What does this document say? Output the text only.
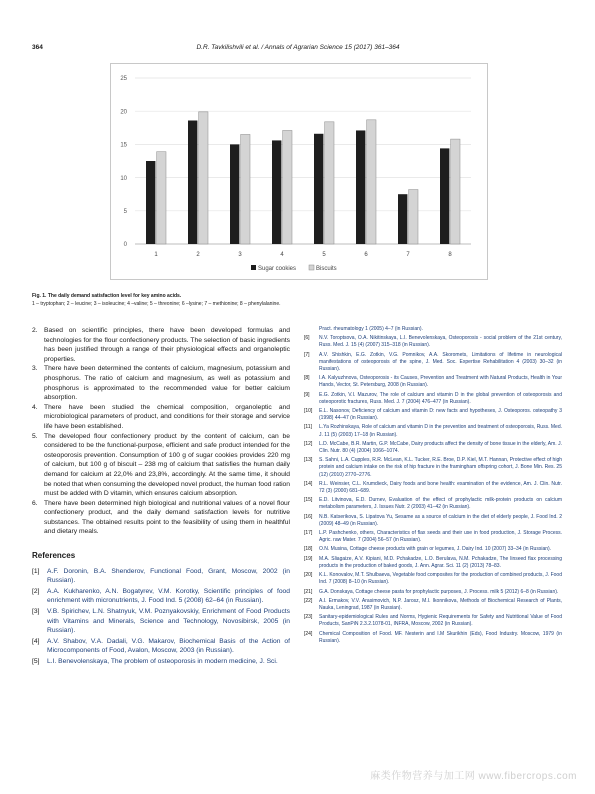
364	D.R. Tavkilishvili et al. / Annals of Agrarian Science 15 (2017) 361–364
0
5
10
15
20
25
1	2	3	4	5	6	7	8
Sugar cookies	Biscuits
Fig. 1. The daily demand satisfaction level for key amino acids.
1 – tryptophan; 2 – leucine; 3 – isoleucine; 4 –valine; 5 – threonine; 6 –lysine; 7 – methionine; 8 – phenylalanine.
2. Based on scientific principles, there have been developed formulas and technologies for the flour confectionery products. The selection of basic ingredients has been justified through a range of their physiological effects and organoleptic properties.
3. There have been determined the contents of calcium, magnesium, potassium and phosphorus. The ratio of calcium and magnesium, as well as potassium and phosphorus is approximated to the recommended value for better calcium absorption.
4. There have been studied the chemical composition, organoleptic and microbiological parameters of product, and conditions for their storage and service life have been established.
5. The developed flour confectionery product by the content of calcium, can be considered to be the functional-purpose, efficient and safe product intended for the osteoporosis prevention. Consumption of 100 g of sugar cookies provides 220 mg of calcium, but 100 g of biscuit – 238 mg of calcium that satisfies the human daily demand for calcium at 22,0% and 23,8%, accordingly. At the same time, it should be noted that when consuming the developed novel product, the human food ration must be added with D vitamin, which ensures calcium absorption.
6. There have been determined high biological and nutritional values of a novel flour confectionery product, and the daily demand satisfaction levels for nutritive substances. The obtained results point to the feasibility of using them in healthful and dietary meals.
References
[1] A.F. Doronin, B.A. Shenderov, Functional Food, Grant, Moscow, 2002 (in Russian).
[2] A.A. Kukharenko, A.N. Bogatyrev, V.M. Korotky, Scientific principles of food enrichment with micronutrients, J. Food Ind. 5 (2008) 62–64 (in Russian).
[3] V.B. Spirichev, L.N. Shatnyuk, V.M. Poznyakovskiy, Enrichment of Food Products with Vitamins and Minerals, Science and Technology, Novosibirsk, 2005 (in Russian).
[4] A.V. Shabov, V.A. Dadali, V.G. Makarov, Biochemical Basis of the Action of Microcomponents of Food, Avalon, Moscow, 2003 (in Russian).
[5] L.I. Benevolenskaya, The problem of osteoporosis in modern medicine, J. Sci.
Pract. rheumatology 1 (2005) 4–7 (in Russian).
[6] N.V. Toroptsova, O.A. Nikitinskaya, L.I. Benevolenskaya, Osteoporosis - social problem of the 21st century, Russ. Med. J. 15 (4) (2007) 315–318 (in Russian).
[7] A.V. Shishkin, E.G. Zotkin, V.G. Pomnikov, A.A. Skoromets, Limitations of lifetime in neurological manifestations of osteoporosis of the spine, J. Med. Soc. Expertise Rehabilitation 4 (2003) 30–32 (in Russian).
[8] I.A. Kalyuzhnova, Osteoporosis - its Causes, Prevention and Treatment with Natural Products, Health in Your Hands, Vector, St. Petersburg, 2008 (in Russian).
[9] E.G. Zotkin, V.I. Mazurov, The role of calcium and vitamin D in the global prevention of osteoporosis and osteoporotic fractures, Russ. Med. J. 7 (2004) 476–477 (in Russian).
[10] E.L. Nasonov, Deficiency of calcium and vitamin D: new facts and hypotheses, J. Osteoporos. osteopathy 3 (1998) 44–47 (in Russian).
[11] L.Ya Rozhinskaya, Role of calcium and vitamin D in the prevention and treatment of osteoporosis, Russ. Med. J. 11 (5) (2003) 17–18 (in Russian).
[12] L.D. McCabe, B.R. Martin, G.P. McCabe, Dairy products affect the density of bone tissue in the elderly, Am. J. Clin. Nutr. 80 (4) (2004) 1066–1074.
[13] S. Sahni, L.A. Cupples, R.R. McLean, K.L. Tucker, R.E. Broe, D.P. Kiel, M.T. Hannan, Protective effect of high protein and calcium intake on the risk of hip fracture in the framingham offspring cohort, J. Bone Min. Res. 25 (12) (2010) 2770–2776.
[14] R.L. Weinsier, C.L. Krumdieck, Dairy foods and bone health: examination of the evidence, Am. J. Clin. Nutr. 72 (3) (2000) 681–689.
[15] E.D. Litvinova, E.D. Durnev, Evaluation of the effect of prophylactic milk-protein products on calcium metabolism parameters, J. Issues Nutr. 2 (2003) 41–42 (in Russian).
[16] N.B. Katserikova, S. Lipatova Yu, Sesame as a source of calcium in the diet of elderly people, J. Food Ind. 2 (2009) 48–49 (in Russian).
[17] L.P. Pashchenko, others, Characteristics of flax seeds and their use in food production, J. Storage Process. Agric. raw Mater. 7 (2004) 56–57 (in Russian).
[18] O.N. Musina, Cottage cheese products with grain or legumes, J. Dairy Ind. 10 (2007) 33–34 (in Russian).
[19] M.A. Sliagaize, A.V. Kipiani, M.D. Pchakadze, L.O. Berulava, N.M. Pchakadze, The linseed flax processing products in the production of baked goods, J. Ann. Agrar. Sci. 11 (2) (2013) 78–83.
[20] K.L. Konovalov, M.T. Shulbaeva, Vegetable food composites for the production of combined products, J. Food Ind. 7 (2008) 8–10 (in Russian).
[21] G.A. Donskaya, Cottage cheese pasta for prophylactic purposes, J. Process. milk 5 (2012) 6–8 (in Russian).
[22] A.I. Ermakov, V.V. Arasimovich, N.P. Jarosz, M.I. Ikonnikova, Methods of Biochemical Research of Plants, Nauka, Leningrad, 1987 (in Russian).
[23] Sanitary-epidemiological Rules and Norms, Hygienic Requirements for Safety and Nutritional Value of Food Products, SanPiN 2.3.2.1078-01, INFRA, Moscow, 2002 (in Russian).
[24] Chemical Composition of Food. MF. Nesterin and I.M Skurikhin (Eds), Food Industry. Moscow, 1979 (in Russian).
麻类作物营养与加工网 www.fibercrops.com
